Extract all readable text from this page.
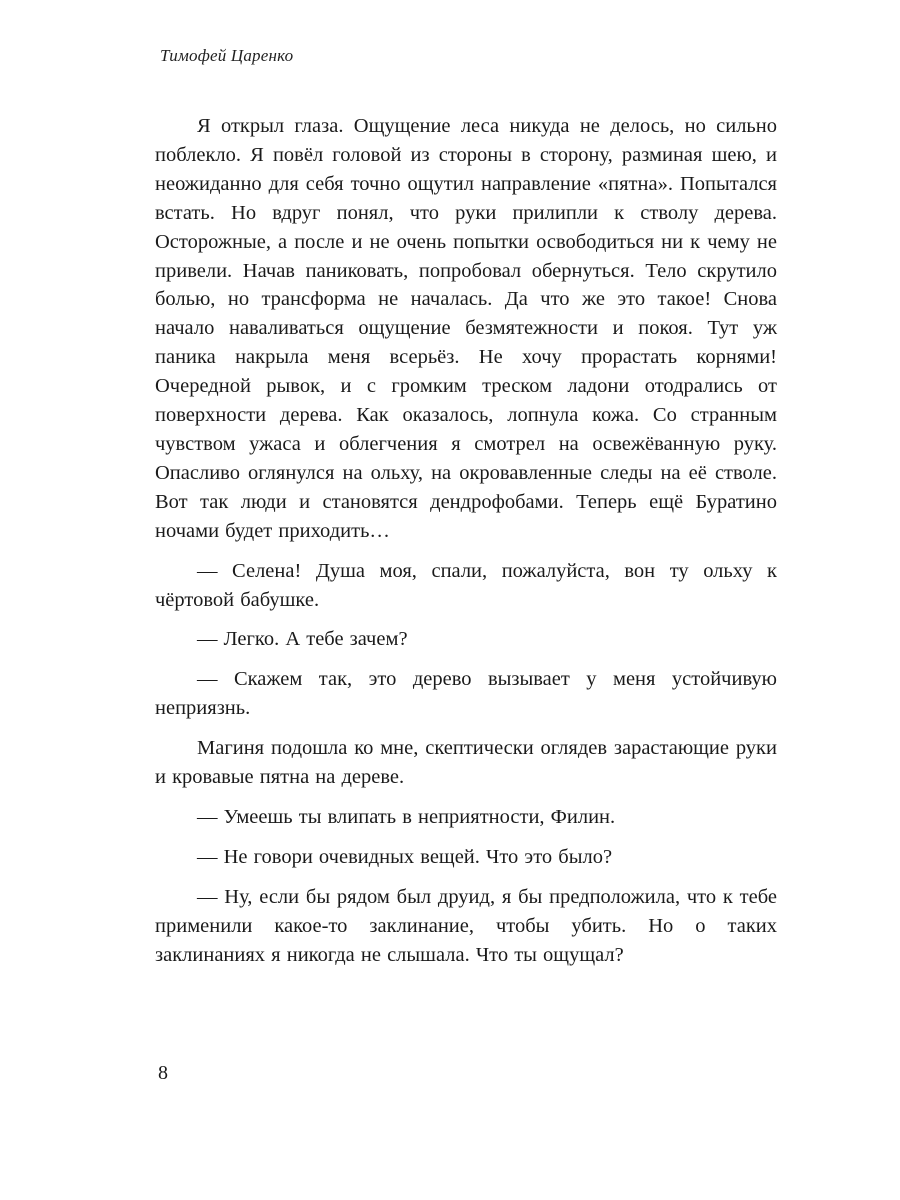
Тимофей Царенко

Я открыл глаза. Ощущение леса никуда не делось, но сильно поблекло. Я повёл головой из стороны в сторону, разминая шею, и неожиданно для себя точно ощутил направление «пятна». Попытался встать. Но вдруг понял, что руки прилипли к стволу дерева. Осторожные, а после и не очень попытки освободиться ни к чему не привели. Начав паниковать, попробовал обернуться. Тело скрутило болью, но трансформа не началась. Да что же это такое! Снова начало наваливаться ощущение безмятежности и покоя. Тут уж паника накрыла меня всерьёз. Не хочу прорастать корнями! Очередной рывок, и с громким треском ладони отодрались от поверхности дерева. Как оказалось, лопнула кожа. Со странным чувством ужаса и облегчения я смотрел на освежёванную руку. Опасливо оглянулся на ольху, на окровавленные следы на её стволе. Вот так люди и становятся дендрофобами. Теперь ещё Буратино ночами будет приходить…

— Селена! Душа моя, спали, пожалуйста, вон ту ольху к чёртовой бабушке.

— Легко. А тебе зачем?

— Скажем так, это дерево вызывает у меня устойчивую неприязнь.

Магиня подошла ко мне, скептически оглядев зарастающие руки и кровавые пятна на дереве.

— Умеешь ты влипать в неприятности, Филин.

— Не говори очевидных вещей. Что это было?

— Ну, если бы рядом был друид, я бы предположила, что к тебе применили какое-то заклинание, чтобы убить. Но о таких заклинаниях я никогда не слышала. Что ты ощущал?

8
